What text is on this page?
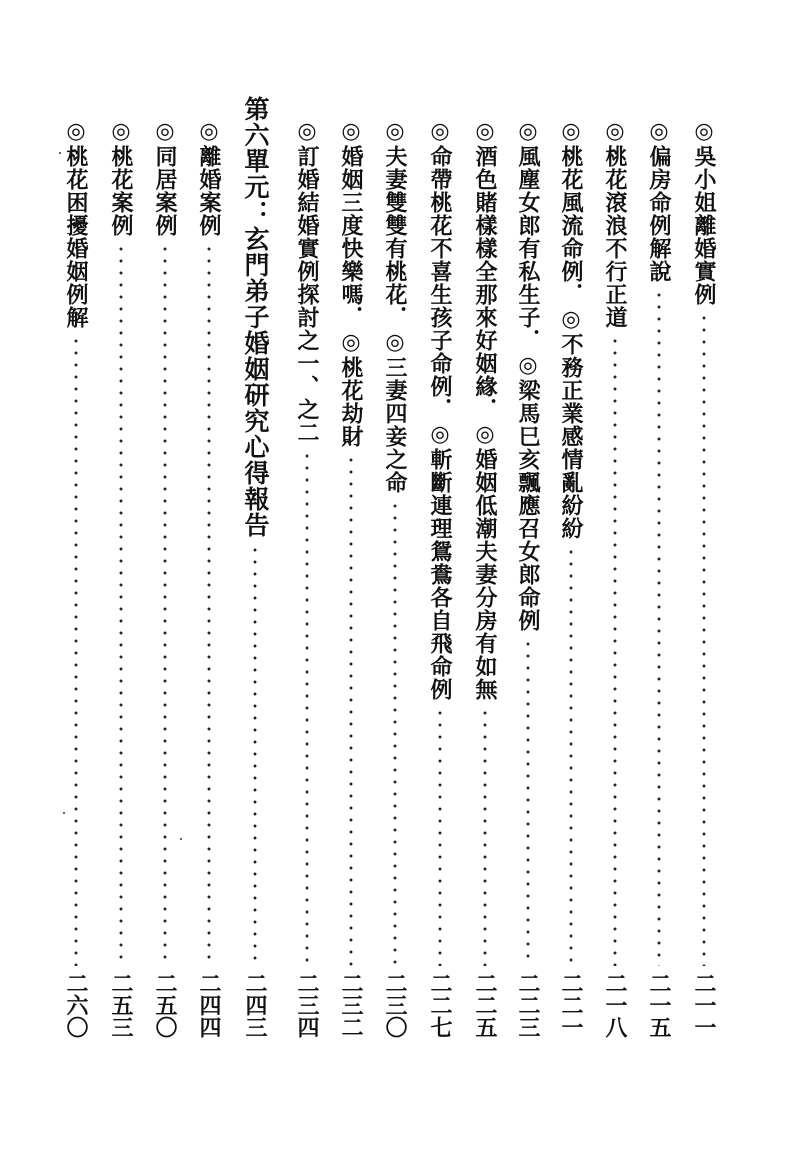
◎吳小姐離婚實例
二一一
◎偏房命例解說
二一五
◎桃花滾浪不行正道
二一八
◎桃花風流命例．◎不務正業感情亂紛紛
二二一
◎風塵女郎有私生子．◎梁馬巳亥飄應召女郎命例
二二三
◎酒色賭樣樣全那來好姻緣．◎婚姻低潮夫妻分房有如無
二二五
◎命帶桃花不喜生孩子命例．◎斬斷連理鴛鴦各自飛命例
二二七
◎夫妻雙雙有桃花．◎三妻四妾之命
二三〇
◎婚姻三度快樂嗎．◎桃花劫財
二三二
◎訂婚結婚實例探討之一、之二
二三四
第六單元：玄門弟子婚姻研究心得報告
二四三
◎離婚案例
二四四
◎同居案例
二五〇
◎桃花案例
二五三
◎桃花困擾婚姻例解
二六〇
